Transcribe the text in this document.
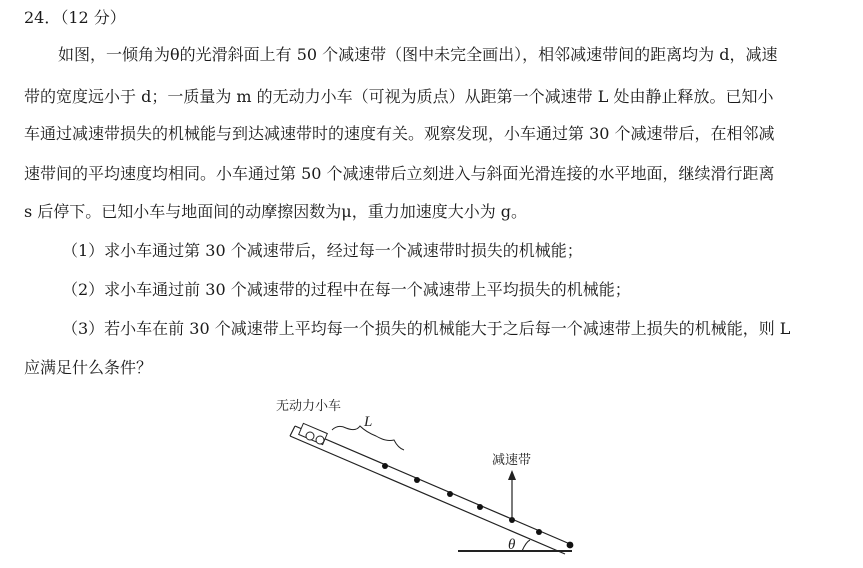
24．（12 分）
如图，一倾角为θ的光滑斜面上有 50 个减速带（图中未完全画出），相邻减速带间的距离均为 d，减速
带的宽度远小于 d；一质量为 m 的无动力小车（可视为质点）从距第一个减速带 L 处由静止释放。已知小
车通过减速带损失的机械能与到达减速带时的速度有关。观察发现，小车通过第 30 个减速带后，在相邻减
速带间的平均速度均相同。小车通过第 50 个减速带后立刻进入与斜面光滑连接的水平地面，继续滑行距离
s 后停下。已知小车与地面间的动摩擦因数为μ，重力加速度大小为 g。
（1）求小车通过第 30 个减速带后，经过每一个减速带时损失的机械能；
（2）求小车通过前 30 个减速带的过程中在每一个减速带上平均损失的机械能；
（3）若小车在前 30 个减速带上平均每一个损失的机械能大于之后每一个减速带上损失的机械能，则 L
应满足什么条件？
无动力小车
L
减速带
θ
